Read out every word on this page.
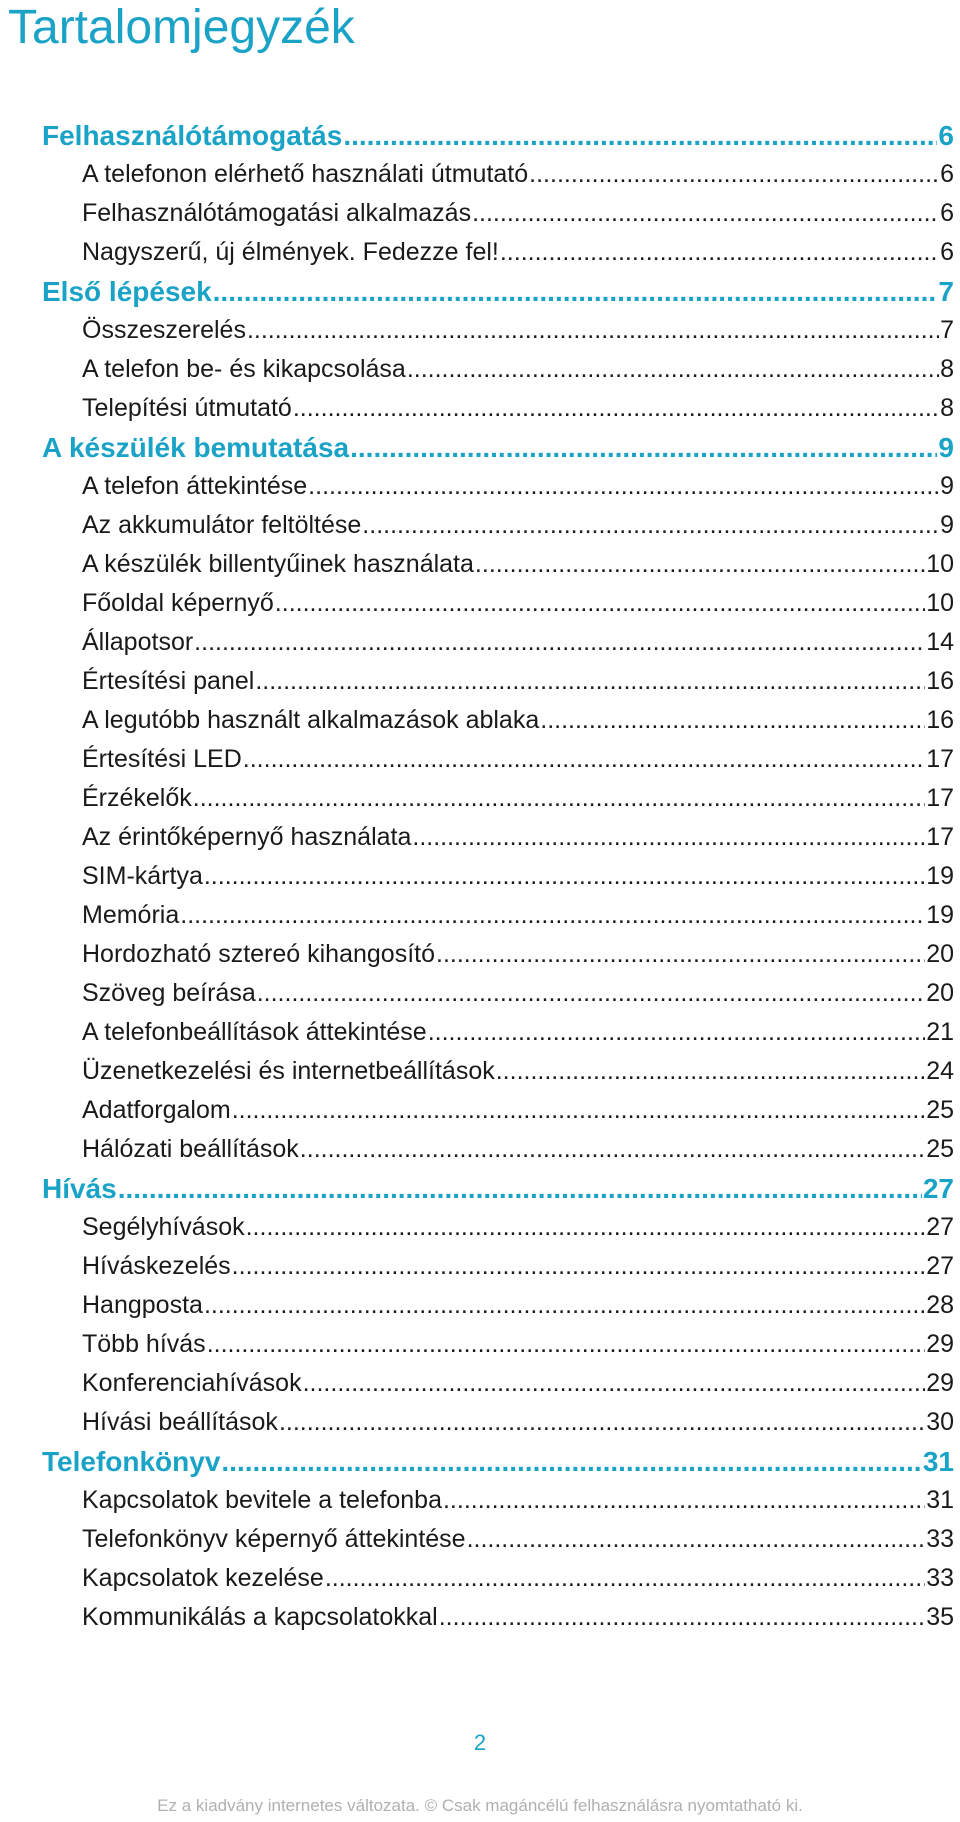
Tartalomjegyzék
Felhasználótámogatás .....	6
A telefonon elérhető használati útmutató .....	6
Felhasználótámogatási alkalmazás .....	6
Nagyszerű, új élmények. Fedezze fel! .....	6
Első lépések .....	7
Összeszerelés .....	7
A telefon be- és kikapcsolása .....	8
Telepítési útmutató .....	8
A készülék bemutatása .....	9
A telefon áttekintése .....	9
Az akkumulátor feltöltése .....	9
A készülék billentyűinek használata .....	10
Főoldal képernyő .....	10
Állapotsor .....	14
Értesítési panel .....	16
A legutóbb használt alkalmazások ablaka .....	16
Értesítési LED .....	17
Érzékelők .....	17
Az érintőképernyő használata .....	17
SIM-kártya .....	19
Memória .....	19
Hordozható sztereó kihangosító .....	20
Szöveg beírása .....	20
A telefonbeállítások áttekintése .....	21
Üzenetkezelési és internetbeállítások .....	24
Adatforgalom .....	25
Hálózati beállítások .....	25
Hívás .....	27
Segélyhívások .....	27
Híváskezelés .....	27
Hangposta .....	28
Több hívás .....	29
Konferenciahívások .....	29
Hívási beállítások .....	30
Telefonkönyv .....	31
Kapcsolatok bevitele a telefonba .....	31
Telefonkönyv képernyő áttekintése .....	33
Kapcsolatok kezelése .....	33
Kommunikálás a kapcsolatokkal .....	35
2
Ez a kiadvány internetes változata. © Csak magáncélú felhasználásra nyomtatható ki.
